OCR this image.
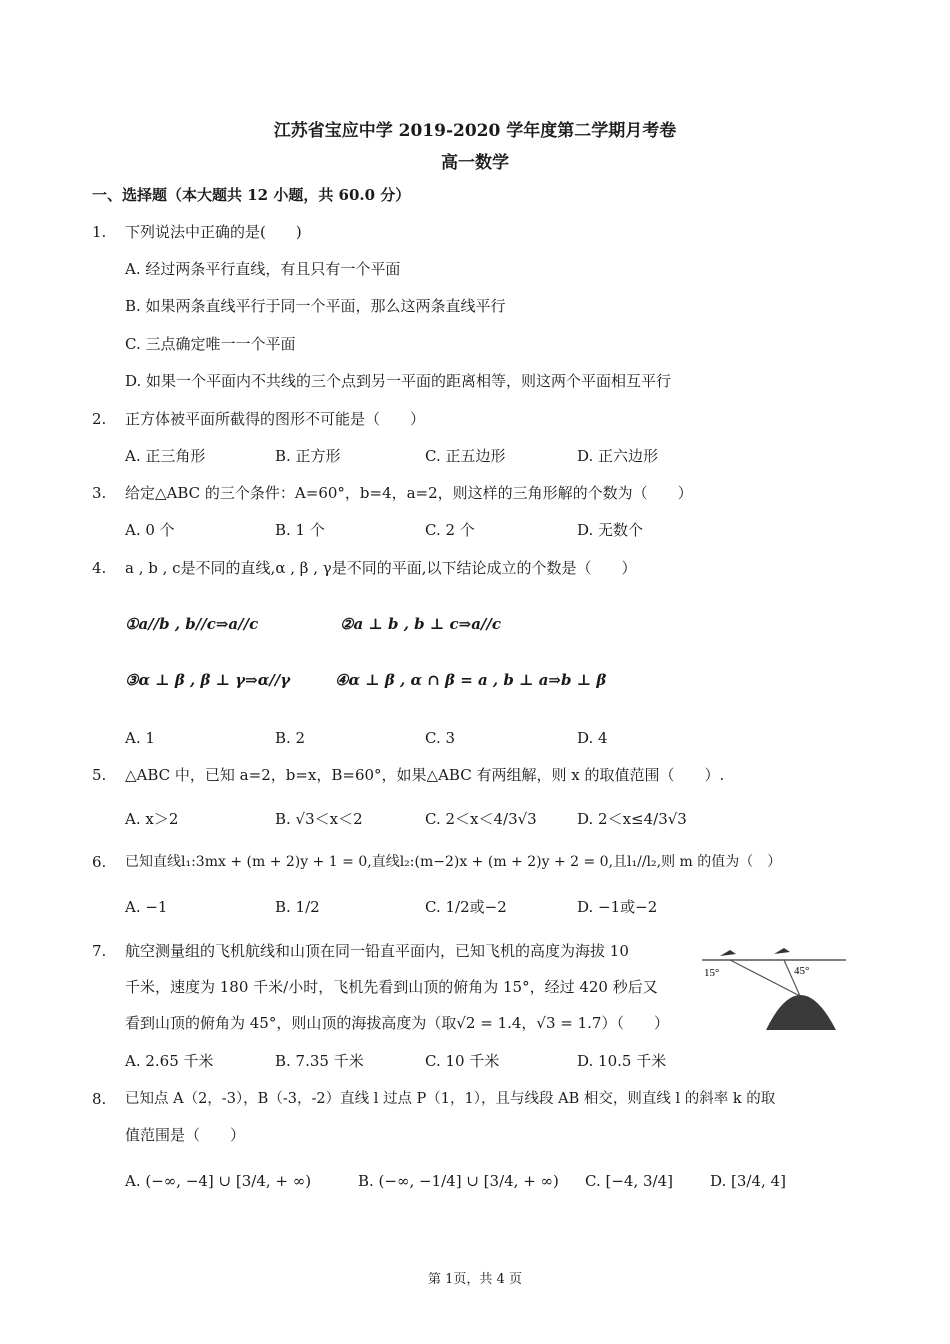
江苏省宝应中学 2019-2020 学年度第二学期月考卷
高一数学
一、选择题（本大题共 12 小题，共 60.0 分）
1. 下列说法中正确的是(　　)
A. 经过两条平行直线，有且只有一个平面
B. 如果两条直线平行于同一个平面，那么这两条直线平行
C. 三点确定唯一一个平面
D. 如果一个平面内不共线的三个点到另一平面的距离相等，则这两个平面相互平行
2. 正方体被平面所截得的图形不可能是（　　）
A. 正三角形	B. 正方形	C. 正五边形	D. 正六边形
3. 给定△ABC 的三个条件：A=60°，b=4，a=2，则这样的三角形解的个数为（　　）
A. 0 个	B. 1 个	C. 2 个	D. 无数个
4. a , b , c是不同的直线,α , β , γ是不同的平面,以下结论成立的个数是（　　）
①a//b , b//c⇒a//c	②a ⊥ b , b ⊥ c⇒a//c
③α ⊥ β , β ⊥ γ⇒α//γ	④α ⊥ β , α ∩ β = a , b ⊥ a⇒b ⊥ β
A. 1	B. 2	C. 3	D. 4
5. △ABC 中，已知 a=2，b=x，B=60°，如果△ABC 有两组解，则 x 的取值范围（　　）.
A. x＞2	B. √3＜x＜2	C. 2＜x＜4/3√3	D. 2＜x≤4/3√3
6. 已知直线l₁:3mx + (m + 2)y + 1 = 0,直线l₂:(m−2)x + (m + 2)y + 2 = 0,且l₁//l₂,则 m 的值为（　）
A. −1	B. 1/2	C. 1/2或−2	D. −1或−2
7. 航空测量组的飞机航线和山顶在同一铅直平面内，已知飞机的高度为海拔 10
千米，速度为 180 千米/小时，飞机先看到山顶的俯角为 15°，经过 420 秒后又
看到山顶的俯角为 45°，则山顶的海拔高度为（取√2 = 1.4，√3 = 1.7）（　　）
A. 2.65 千米	B. 7.35 千米	C. 10 千米	D. 10.5 千米
15°	45°
8. 已知点 A（2，-3），B（-3，-2）直线 l 过点 P（1，1），且与线段 AB 相交，则直线 l 的斜率 k 的取
值范围是（　　）
A. (−∞, −4] ∪ [3/4, + ∞)	B. (−∞, −1/4] ∪ [3/4, + ∞) C. [−4, 3/4] D. [3/4, 4]
第 1页，共 4 页
